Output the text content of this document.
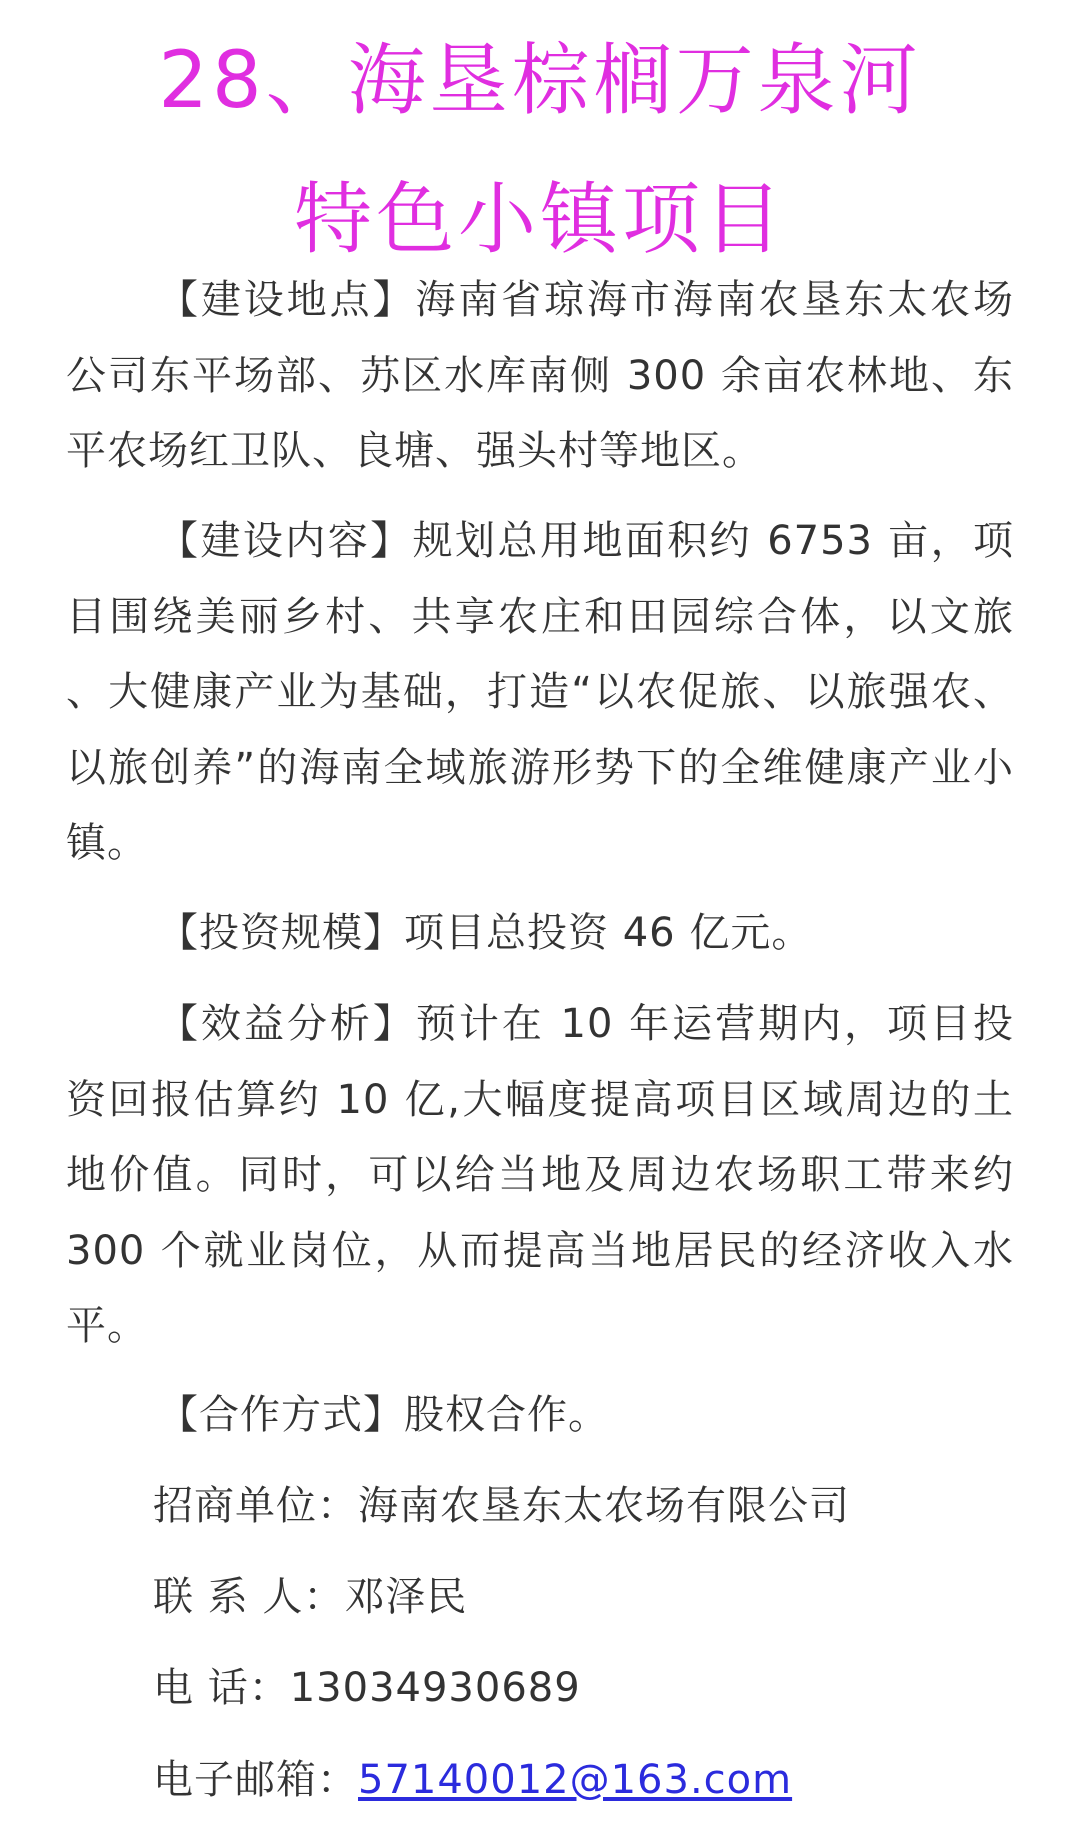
28、海垦棕榈万泉河
特色小镇项目

【建设地点】海南省琼海市海南农垦东太农场公司东平场部、苏区水库南侧 300 余亩农林地、东平农场红卫队、良塘、强头村等地区。

【建设内容】规划总用地面积约 6753 亩，项目围绕美丽乡村、共享农庄和田园综合体，以文旅 、大健康产业为基础，打造“以农促旅、以旅强农、以旅创养”的海南全域旅游形势下的全维健康产业小镇。

【投资规模】项目总投资 46 亿元。

【效益分析】预计在 10 年运营期内，项目投资回报估算约 10 亿,大幅度提高项目区域周边的土地价值。同时，可以给当地及周边农场职工带来约 300 个就业岗位，从而提高当地居民的经济收入水平。

【合作方式】股权合作。

招商单位：海南农垦东太农场有限公司
联 系 人：邓泽民
电 话：13034930689
电子邮箱：57140012@163.com
